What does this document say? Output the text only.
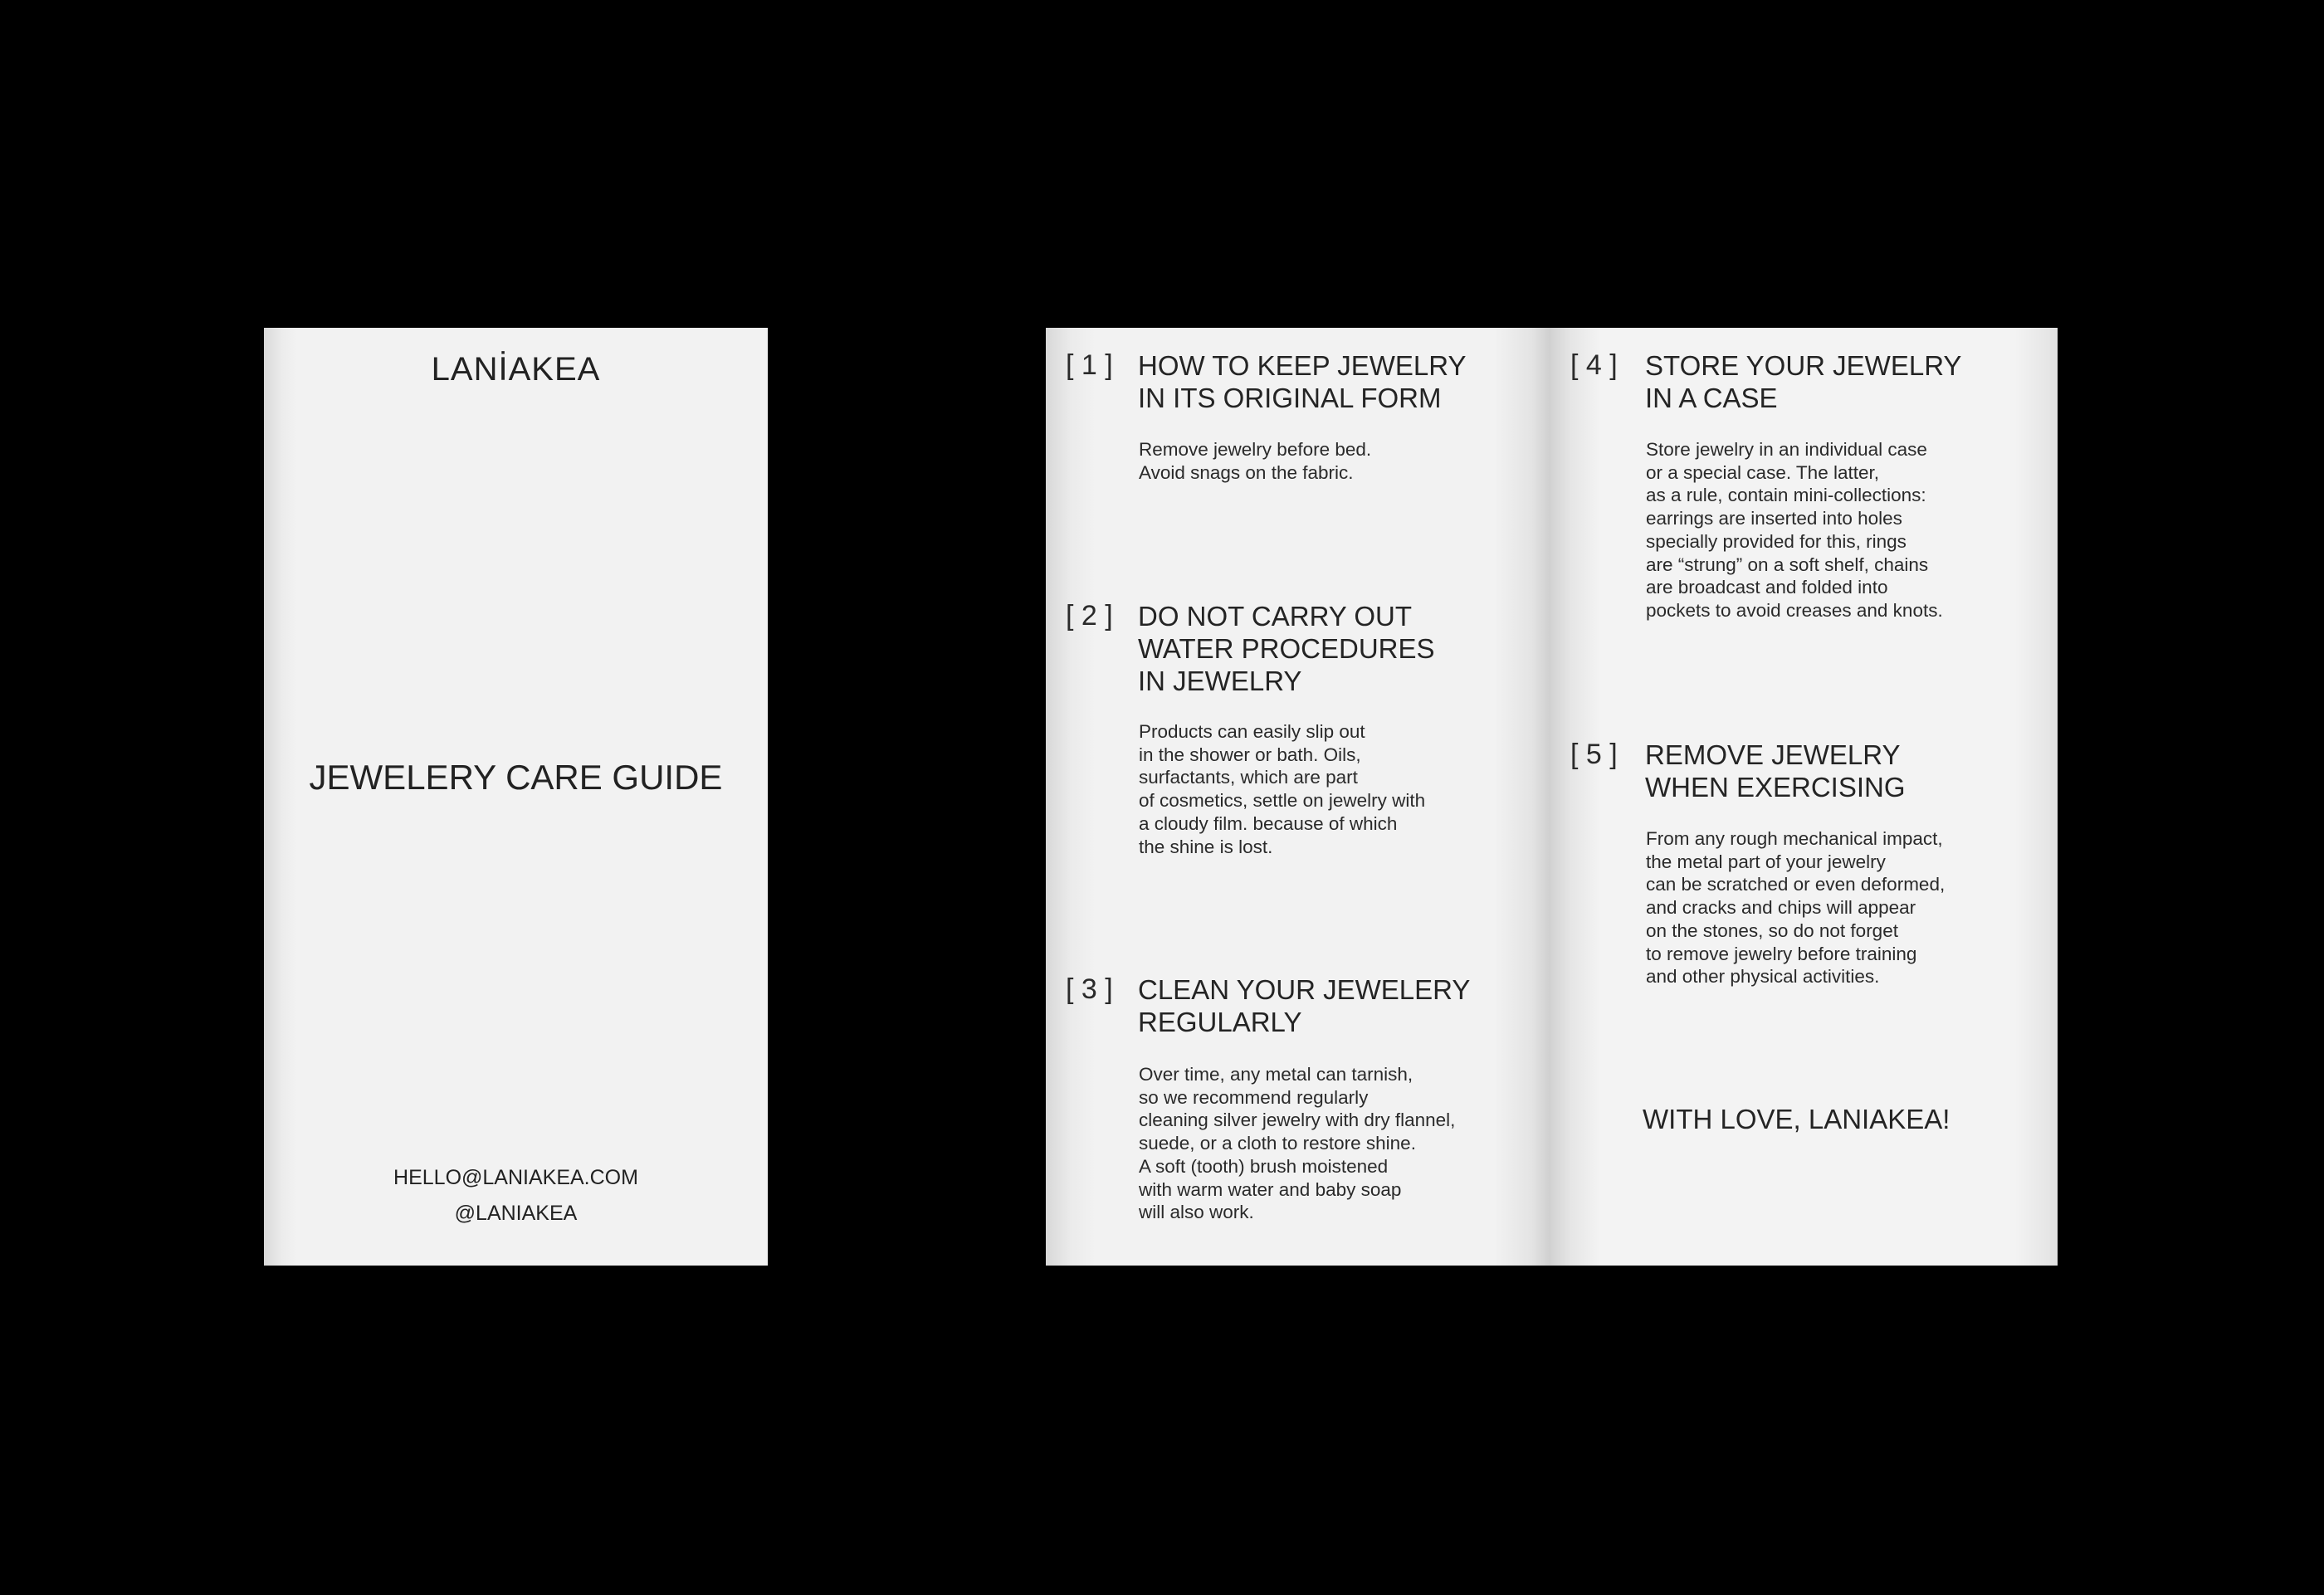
LANİAKEA
JEWELERY CARE GUIDE
HELLO@LANIAKEA.COM
@LANIAKEA
[ 1 ] HOW TO KEEP JEWELRY
IN ITS ORIGINAL FORM
Remove jewelry before bed.
Avoid snags on the fabric.
[ 2 ] DO NOT CARRY OUT
WATER PROCEDURES
IN JEWELRY
Products can easily slip out
in the shower or bath. Oils,
surfactants, which are part
of cosmetics, settle on jewelry with
a cloudy film. because of which
the shine is lost.
[ 3 ] CLEAN YOUR JEWELERY
REGULARLY
Over time, any metal can tarnish,
so we recommend regularly
cleaning silver jewelry with dry flannel,
suede, or a cloth to restore shine.
A soft (tooth) brush moistened
with warm water and baby soap
will also work.
[ 4 ] STORE YOUR JEWELRY
IN A CASE
Store jewelry in an individual case
or a special case. The latter,
as a rule, contain mini-collections:
earrings are inserted into holes
specially provided for this, rings
are “strung” on a soft shelf, chains
are broadcast and folded into
pockets to avoid creases and knots.
[ 5 ] REMOVE JEWELRY
WHEN EXERCISING
From any rough mechanical impact,
the metal part of your jewelry
can be scratched or even deformed,
and cracks and chips will appear
on the stones, so do not forget
to remove jewelry before training
and other physical activities.
WITH LOVE, LANIAKEA!
